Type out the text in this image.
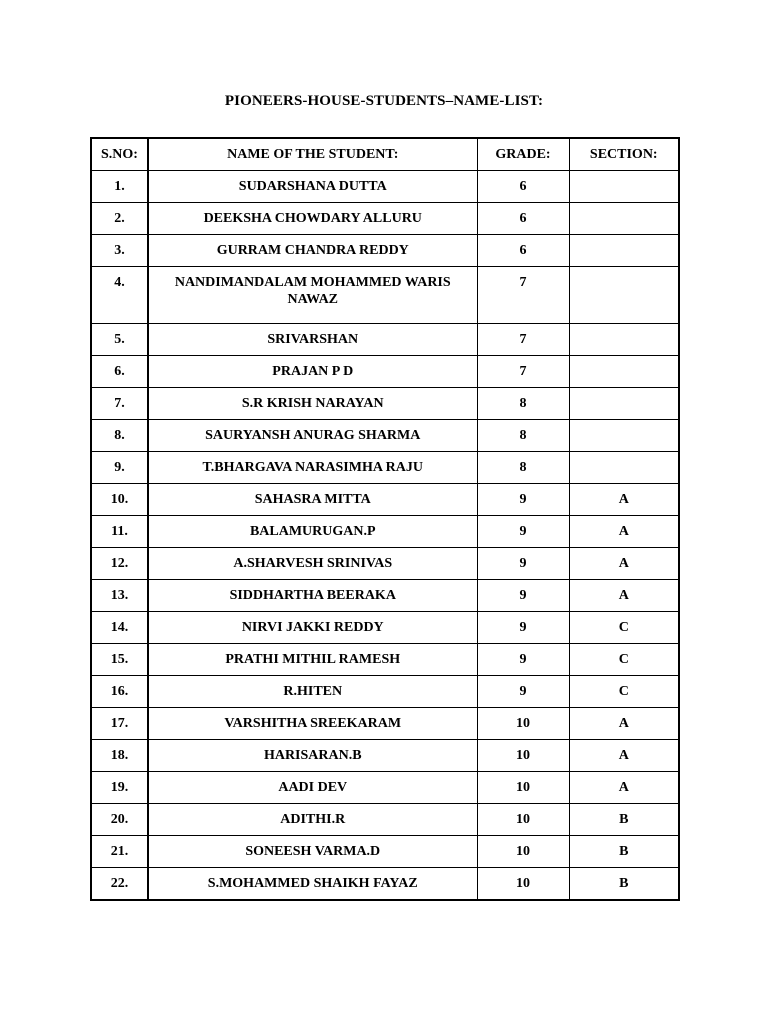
PIONEERS-HOUSE-STUDENTS–NAME-LIST:
S.NO:	NAME OF THE STUDENT:	GRADE:	SECTION:
1.	SUDARSHANA DUTTA	6	
2.	DEEKSHA CHOWDARY ALLURU	6	
3.	GURRAM CHANDRA REDDY	6	
4.	NANDIMANDALAM MOHAMMED WARIS NAWAZ	7	
5.	SRIVARSHAN	7	
6.	PRAJAN P D	7	
7.	S.R KRISH NARAYAN	8	
8.	SAURYANSH ANURAG SHARMA	8	
9.	T.BHARGAVA NARASIMHA RAJU	8	
10.	SAHASRA MITTA	9	A
11.	BALAMURUGAN.P	9	A
12.	A.SHARVESH SRINIVAS	9	A
13.	SIDDHARTHA BEERAKA	9	A
14.	NIRVI JAKKI REDDY	9	C
15.	PRATHI MITHIL RAMESH	9	C
16.	R.HITEN	9	C
17.	VARSHITHA SREEKARAM	10	A
18.	HARISARAN.B	10	A
19.	AADI DEV	10	A
20.	ADITHI.R	10	B
21.	SONEESH VARMA.D	10	B
22.	S.MOHAMMED SHAIKH FAYAZ	10	B
